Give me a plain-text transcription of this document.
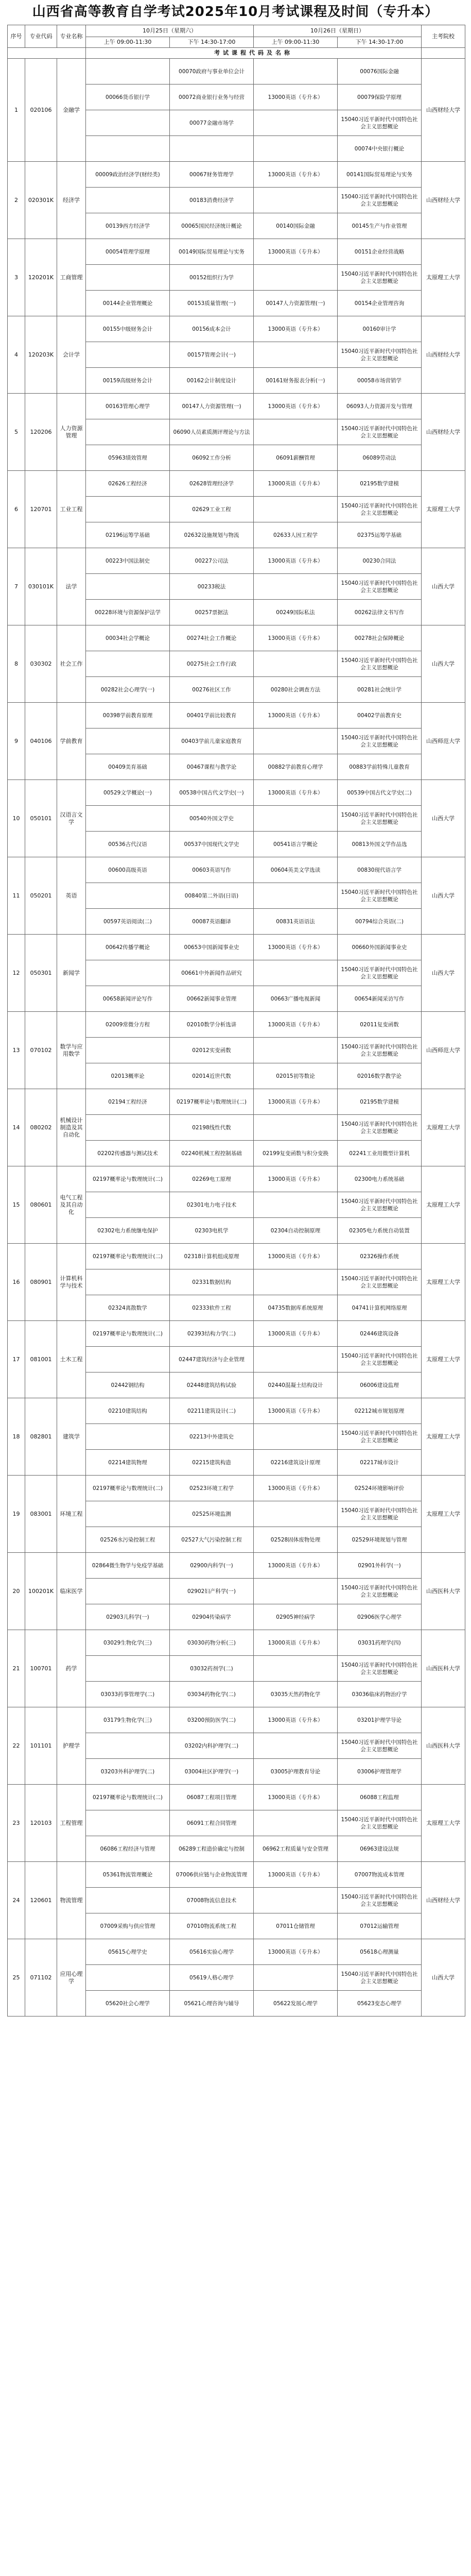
山西省高等教育自学考试2025年10月考试课程及时间（专升本）
序号	专业代码	专业名称	10月25日（星期六）		10月26日（星期日）		主考院校
			上午 09:00-11:30	下午 14:30-17:00	上午 09:00-11:30	下午 14:30-17:00	
			考试课程代码及名称				
1	020106	金融学		00070政府与事业单位会计		00076国际金融	山西财经大学
			00066货币银行学	00072商业银行业务与经营	13000英语（专升本）	00079保险学原理	
				00077金融市场学		15040习近平新时代中国特色社会主义思想概论	
						00074中央银行概论	
2	020301K	经济学	00009政治经济学(财经类)	00067财务管理学	13000英语（专升本）	00141国际贸易理论与实务	山西财经大学
				00183消费经济学		15040习近平新时代中国特色社会主义思想概论	
			00139西方经济学	00065国民经济统计概论	00140国际金融	00145生产与作业管理	
3	120201K	工商管理	00054管理学原理	00149国际贸易理论与实务	13000英语（专升本）	00151企业经营战略	太原理工大学
				00152组织行为学		15040习近平新时代中国特色社会主义思想概论	
			00144企业管理概论	00153质量管理(一)	00147人力资源管理(一)	00154企业管理咨询	
4	120203K	会计学	00155中级财务会计	00156成本会计	13000英语（专升本）	00160审计学	山西财经大学
				00157管理会计(一)		15040习近平新时代中国特色社会主义思想概论	
			00159高级财务会计	00162会计制度设计	00161财务报表分析(一)	00058市场营销学	
5	120206	人力资源管理	00163管理心理学	00147人力资源管理(一)	13000英语（专升本）	06093人力资源开发与管理	山西财经大学
				06090人员素质测评理论与方法		15040习近平新时代中国特色社会主义思想概论	
			05963绩效管理	06092工作分析	06091薪酬管理	06089劳动法	
6	120701	工业工程	02626工程经济	02628管理经济学	13000英语（专升本）	02195数学建模	太原理工大学
				02629工业工程		15040习近平新时代中国特色社会主义思想概论	
			02196运筹学基础	02632设施规划与物流	02633人因工程学	02375运筹学基础	
7	030101K	法学	00223中国法制史	00227公司法	13000英语（专升本）	00230合同法	山西大学
				00233税法		15040习近平新时代中国特色社会主义思想概论	
			00228环境与资源保护法学	00257票据法	00249国际私法	00262法律文书写作	
8	030302	社会工作	00034社会学概论	00274社会工作概论	13000英语（专升本）	00278社会保障概论	山西大学
				00275社会工作行政		15040习近平新时代中国特色社会主义思想概论	
			00282社会心理学(一)	00276社区工作	00280社会调查方法	00281社会统计学	
9	040106	学前教育	00398学前教育原理	00401学前比较教育	13000英语（专升本）	00402学前教育史	山西师范大学
				00403学前儿童家庭教育		15040习近平新时代中国特色社会主义思想概论	
			00409美育基础	00467课程与教学论	00882学前教育心理学	00883学前特殊儿童教育	
10	050101	汉语言文学	00529文学概论(一)	00538中国古代文学史(一)	13000英语（专升本）	00539中国古代文学史(二)	山西大学
				00540外国文学史		15040习近平新时代中国特色社会主义思想概论	
			00536古代汉语	00537中国现代文学史	00541语言学概论	00813外国文学作品选	
11	050201	英语	00600高级英语	00603英语写作	00604英美文学选读	00830现代语言学	山西大学
				00840第二外语(日语)		15040习近平新时代中国特色社会主义思想概论	
			00597英语阅读(二)	00087英语翻译	00831英语语法	00794综合英语(二)	
12	050301	新闻学	00642传播学概论	00653中国新闻事业史	13000英语（专升本）	00660外国新闻事业史	山西大学
				00661中外新闻作品研究		15040习近平新时代中国特色社会主义思想概论	
			00658新闻评论写作	00662新闻事业管理	00663广播电视新闻	00654新闻采访写作	
13	070102	数学与应用数学	02009常微分方程	02010数学分析选讲	13000英语（专升本）	02011复变函数	山西师范大学
				02012实变函数		15040习近平新时代中国特色社会主义思想概论	
			02013概率论	02014近世代数	02015初等数论	02016数学教学论	
14	080202	机械设计制造及其自动化	02194工程经济	02197概率论与数理统计(二)	13000英语（专升本）	02195数学建模	太原理工大学
				02198线性代数		15040习近平新时代中国特色社会主义思想概论	
			02202传感器与测试技术	02240机械工程控制基础	02199复变函数与积分变换	02241工业用微型计算机	
15	080601	电气工程及其自动化	02197概率论与数理统计(二)	02269电工原理	13000英语（专升本）	02300电力系统基础	太原理工大学
				02301电力电子技术		15040习近平新时代中国特色社会主义思想概论	
			02302电力系统继电保护	02303电机学	02304自动控制原理	02305电力系统自动装置	
16	080901	计算机科学与技术	02197概率论与数理统计(二)	02318计算机组成原理	13000英语（专升本）	02326操作系统	太原理工大学
				02331数据结构		15040习近平新时代中国特色社会主义思想概论	
			02324离散数学	02333软件工程	04735数据库系统原理	04741计算机网络原理	
17	081001	土木工程	02197概率论与数理统计(二)	02393结构力学(二)	13000英语（专升本）	02446建筑设备	太原理工大学
				02447建筑经济与企业管理		15040习近平新时代中国特色社会主义思想概论	
			02442钢结构	02448建筑结构试验	02440混凝土结构设计	06006建设监理	
18	082801	建筑学	02210建筑结构	02211建筑设计(二)	13000英语（专升本）	02212城市规划原理	太原理工大学
				02213中外建筑史		15040习近平新时代中国特色社会主义思想概论	
			02214建筑物理	02215建筑构造	02216建筑设计原理	02217城市设计	
19	083001	环境工程	02197概率论与数理统计(二)	02523环境工程学	13000英语（专升本）	02524环境影响评价	太原理工大学
				02525环境监测		15040习近平新时代中国特色社会主义思想概论	
			02526水污染控制工程	02527大气污染控制工程	02528固体废物处理	02529环境规划与管理	
20	100201K	临床医学	02864微生物学与免疫学基础	02900内科学(一)	13000英语（专升本）	02901外科学(一)	山西医科大学
				02902妇产科学(一)		15040习近平新时代中国特色社会主义思想概论	
			02903儿科学(一)	02904传染病学	02905神经病学	02906医学心理学	
21	100701	药学	03029生物化学(三)	03030药物分析(三)	13000英语（专升本）	03031药理学(四)	山西医科大学
				03032药剂学(二)		15040习近平新时代中国特色社会主义思想概论	
			03033药事管理学(二)	03034药物化学(二)	03035天然药物化学	03036临床药物治疗学	
22	101101	护理学	03179生物化学(三)	03200预防医学(二)	13000英语（专升本）	03201护理学导论	山西医科大学
				03202内科护理学(二)		15040习近平新时代中国特色社会主义思想概论	
			03203外科护理学(二)	03004社区护理学(一)	03005护理教育导论	03006护理管理学	
23	120103	工程管理	02197概率论与数理统计(二)	06087工程项目管理	13000英语（专升本）	06088工程监理	太原理工大学
				06091工程合同管理		15040习近平新时代中国特色社会主义思想概论	
			06086工程经济与管理	06289工程造价确定与控制	06962工程质量与安全管理	06963建设法规	
24	120601	物流管理	05361物流管理概论	07006供应链与企业物流管理	13000英语（专升本）	07007物流成本管理	山西财经大学
				07008物流信息技术		15040习近平新时代中国特色社会主义思想概论	
			07009采购与供应管理	07010物流系统工程	07011仓储管理	07012运输管理	
25	071102	应用心理学	05615心理学史	05616实验心理学	13000英语（专升本）	05618心理测量	山西大学
				05619人格心理学		15040习近平新时代中国特色社会主义思想概论	
			05620社会心理学	05621心理咨询与辅导	05622发展心理学	05623变态心理学	
